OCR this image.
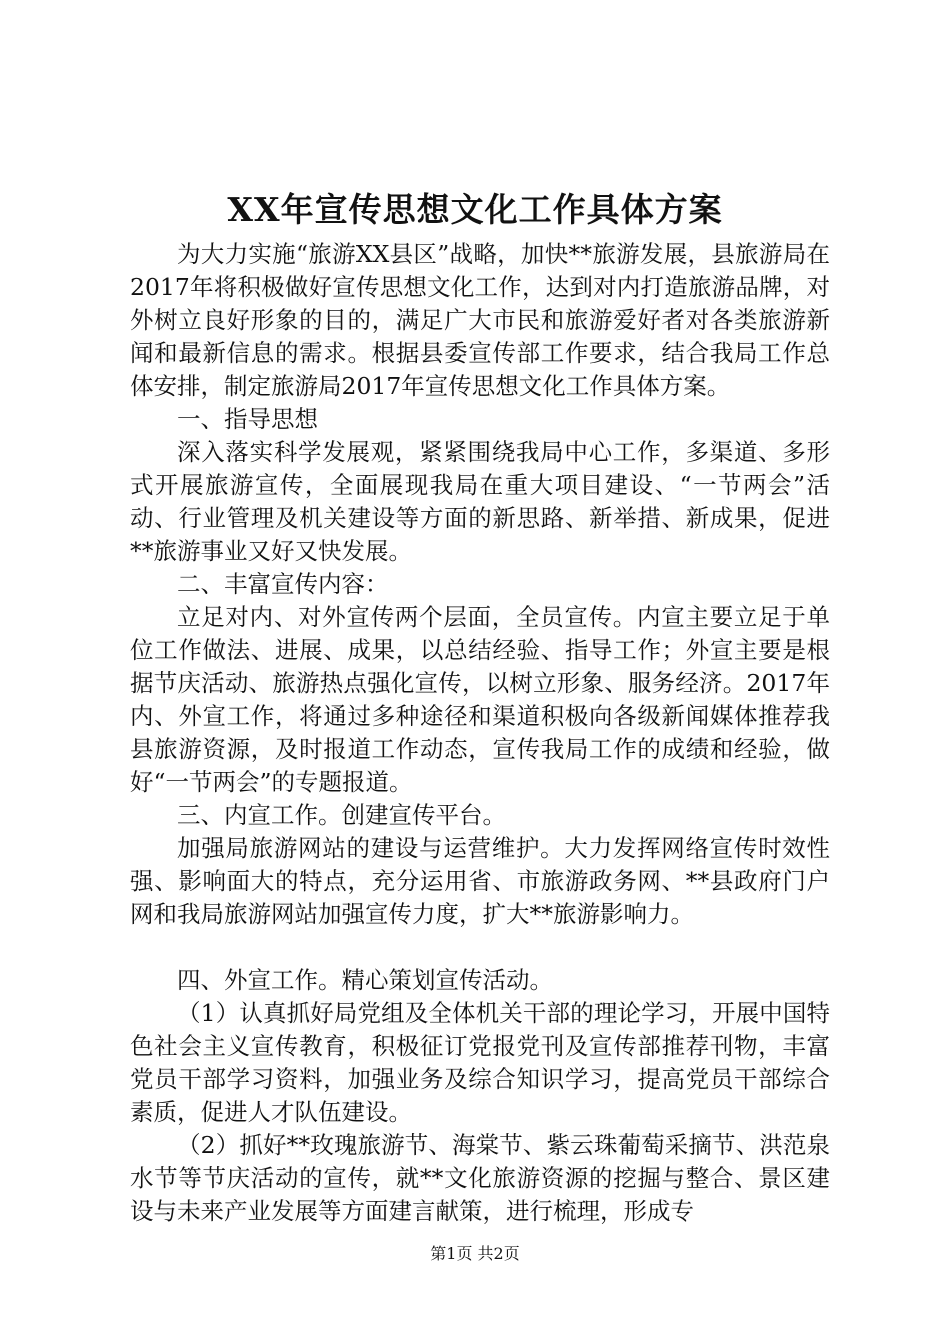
XX年宣传思想文化工作具体方案

为大力实施“旅游XX县区”战略，加快**旅游发展，县旅游局在2017年将积极做好宣传思想文化工作，达到对内打造旅游品牌，对外树立良好形象的目的，满足广大市民和旅游爱好者对各类旅游新闻和最新信息的需求。根据县委宣传部工作要求，结合我局工作总体安排，制定旅游局2017年宣传思想文化工作具体方案。

一、指导思想

深入落实科学发展观，紧紧围绕我局中心工作，多渠道、多形式开展旅游宣传，全面展现我局在重大项目建设、“一节两会”活动、行业管理及机关建设等方面的新思路、新举措、新成果，促进**旅游事业又好又快发展。

二、丰富宣传内容：

立足对内、对外宣传两个层面，全员宣传。内宣主要立足于单位工作做法、进展、成果，以总结经验、指导工作；外宣主要是根据节庆活动、旅游热点强化宣传，以树立形象、服务经济。2017年内、外宣工作，将通过多种途径和渠道积极向各级新闻媒体推荐我县旅游资源，及时报道工作动态，宣传我局工作的成绩和经验，做好“一节两会”的专题报道。

三、内宣工作。创建宣传平台。

加强局旅游网站的建设与运营维护。大力发挥网络宣传时效性强、影响面大的特点，充分运用省、市旅游政务网、**县政府门户网和我局旅游网站加强宣传力度，扩大**旅游影响力。

四、外宣工作。精心策划宣传活动。

（1）认真抓好局党组及全体机关干部的理论学习，开展中国特色社会主义宣传教育，积极征订党报党刊及宣传部推荐刊物，丰富党员干部学习资料，加强业务及综合知识学习，提高党员干部综合素质，促进人才队伍建设。

（2）抓好**玫瑰旅游节、海棠节、紫云珠葡萄采摘节、洪范泉水节等节庆活动的宣传，就**文化旅游资源的挖掘与整合、景区建设与未来产业发展等方面建言献策，进行梳理，形成专

第1页 共2页
